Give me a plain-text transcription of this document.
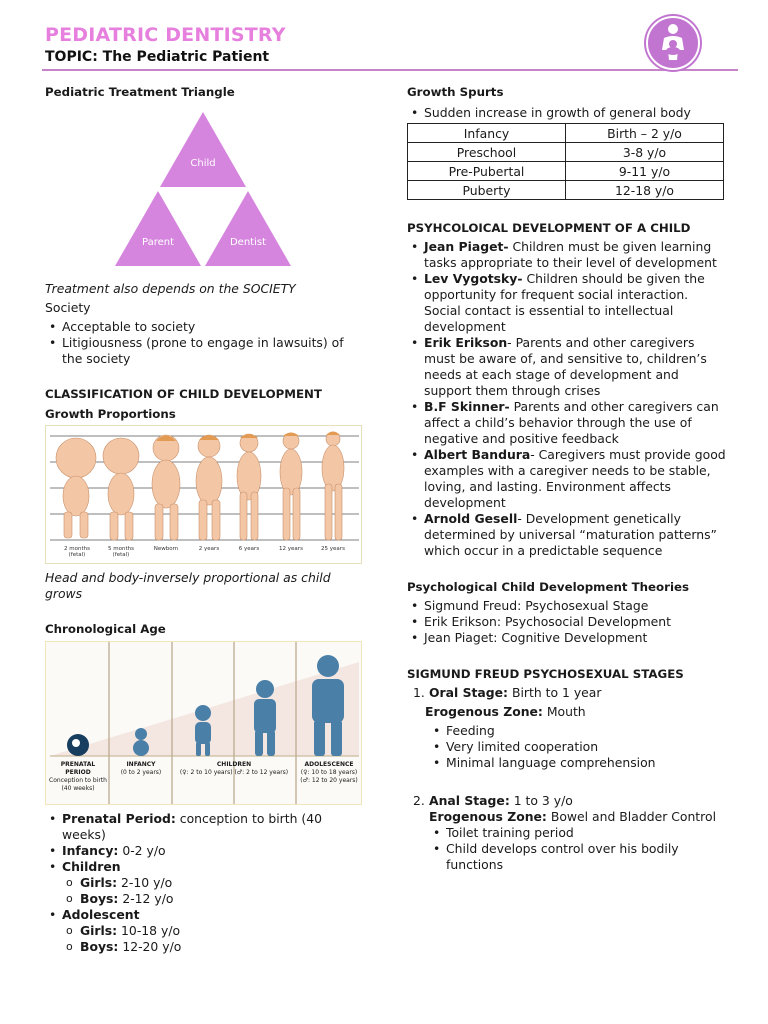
PEDIATRIC DENTISTRY
TOPIC: The Pediatric Patient
Pediatric Treatment Triangle
Child
Parent	Dentist
Treatment also depends on the SOCIETY
Society
• Acceptable to society
• Litigiousness (prone to engage in lawsuits) of the society
CLASSIFICATION OF CHILD DEVELOPMENT
Growth Proportions
2 months (fetal)
5 months (fetal)
Newborn	2 years	6 years	12 years	25 years
Head and body-inversely proportional as child grows
Chronological Age
PRENATAL PERIOD
Conception to birth (40 weeks)
INFANCY
(0 to 2 years)
CHILDREN
(♀: 2 to 10 years) (♂: 2 to 12 years)
ADOLESCENCE
(♀: 10 to 18 years) (♂: 12 to 20 years)
• Prenatal Period: conception to birth (40 weeks)
• Infancy: 0-2 y/o
• Children
o Girls: 2-10 y/o
o Boys: 2-12 y/o
• Adolescent
o Girls: 10-18 y/o
o Boys: 12-20 y/o
Growth Spurts
• Sudden increase in growth of general body
Infancy	Birth – 2 y/o
Preschool	3-8 y/o
Pre-Pubertal	9-11 y/o
Puberty	12-18 y/o
PSYHCOLOICAL DEVELOPMENT OF A CHILD
• Jean Piaget- Children must be given learning tasks appropriate to their level of development
• Lev Vygotsky- Children should be given the opportunity for frequent social interaction. Social contact is essential to intellectual development
• Erik Erikson- Parents and other caregivers must be aware of, and sensitive to, children’s needs at each stage of development and support them through crises
• B.F Skinner- Parents and other caregivers can affect a child’s behavior through the use of negative and positive feedback
• Albert Bandura- Caregivers must provide good examples with a caregiver needs to be stable, loving, and lasting. Environment affects development
• Arnold Gesell- Development genetically determined by universal “maturation patterns” which occur in a predictable sequence
Psychological Child Development Theories
• Sigmund Freud: Psychosexual Stage
• Erik Erikson: Psychosocial Development
• Jean Piaget: Cognitive Development
SIGMUND FREUD PSYCHOSEXUAL STAGES
1. Oral Stage: Birth to 1 year
Erogenous Zone: Mouth
• Feeding
• Very limited cooperation
• Minimal language comprehension
2. Anal Stage: 1 to 3 y/o
Erogenous Zone: Bowel and Bladder Control
• Toilet training period
• Child develops control over his bodily functions
